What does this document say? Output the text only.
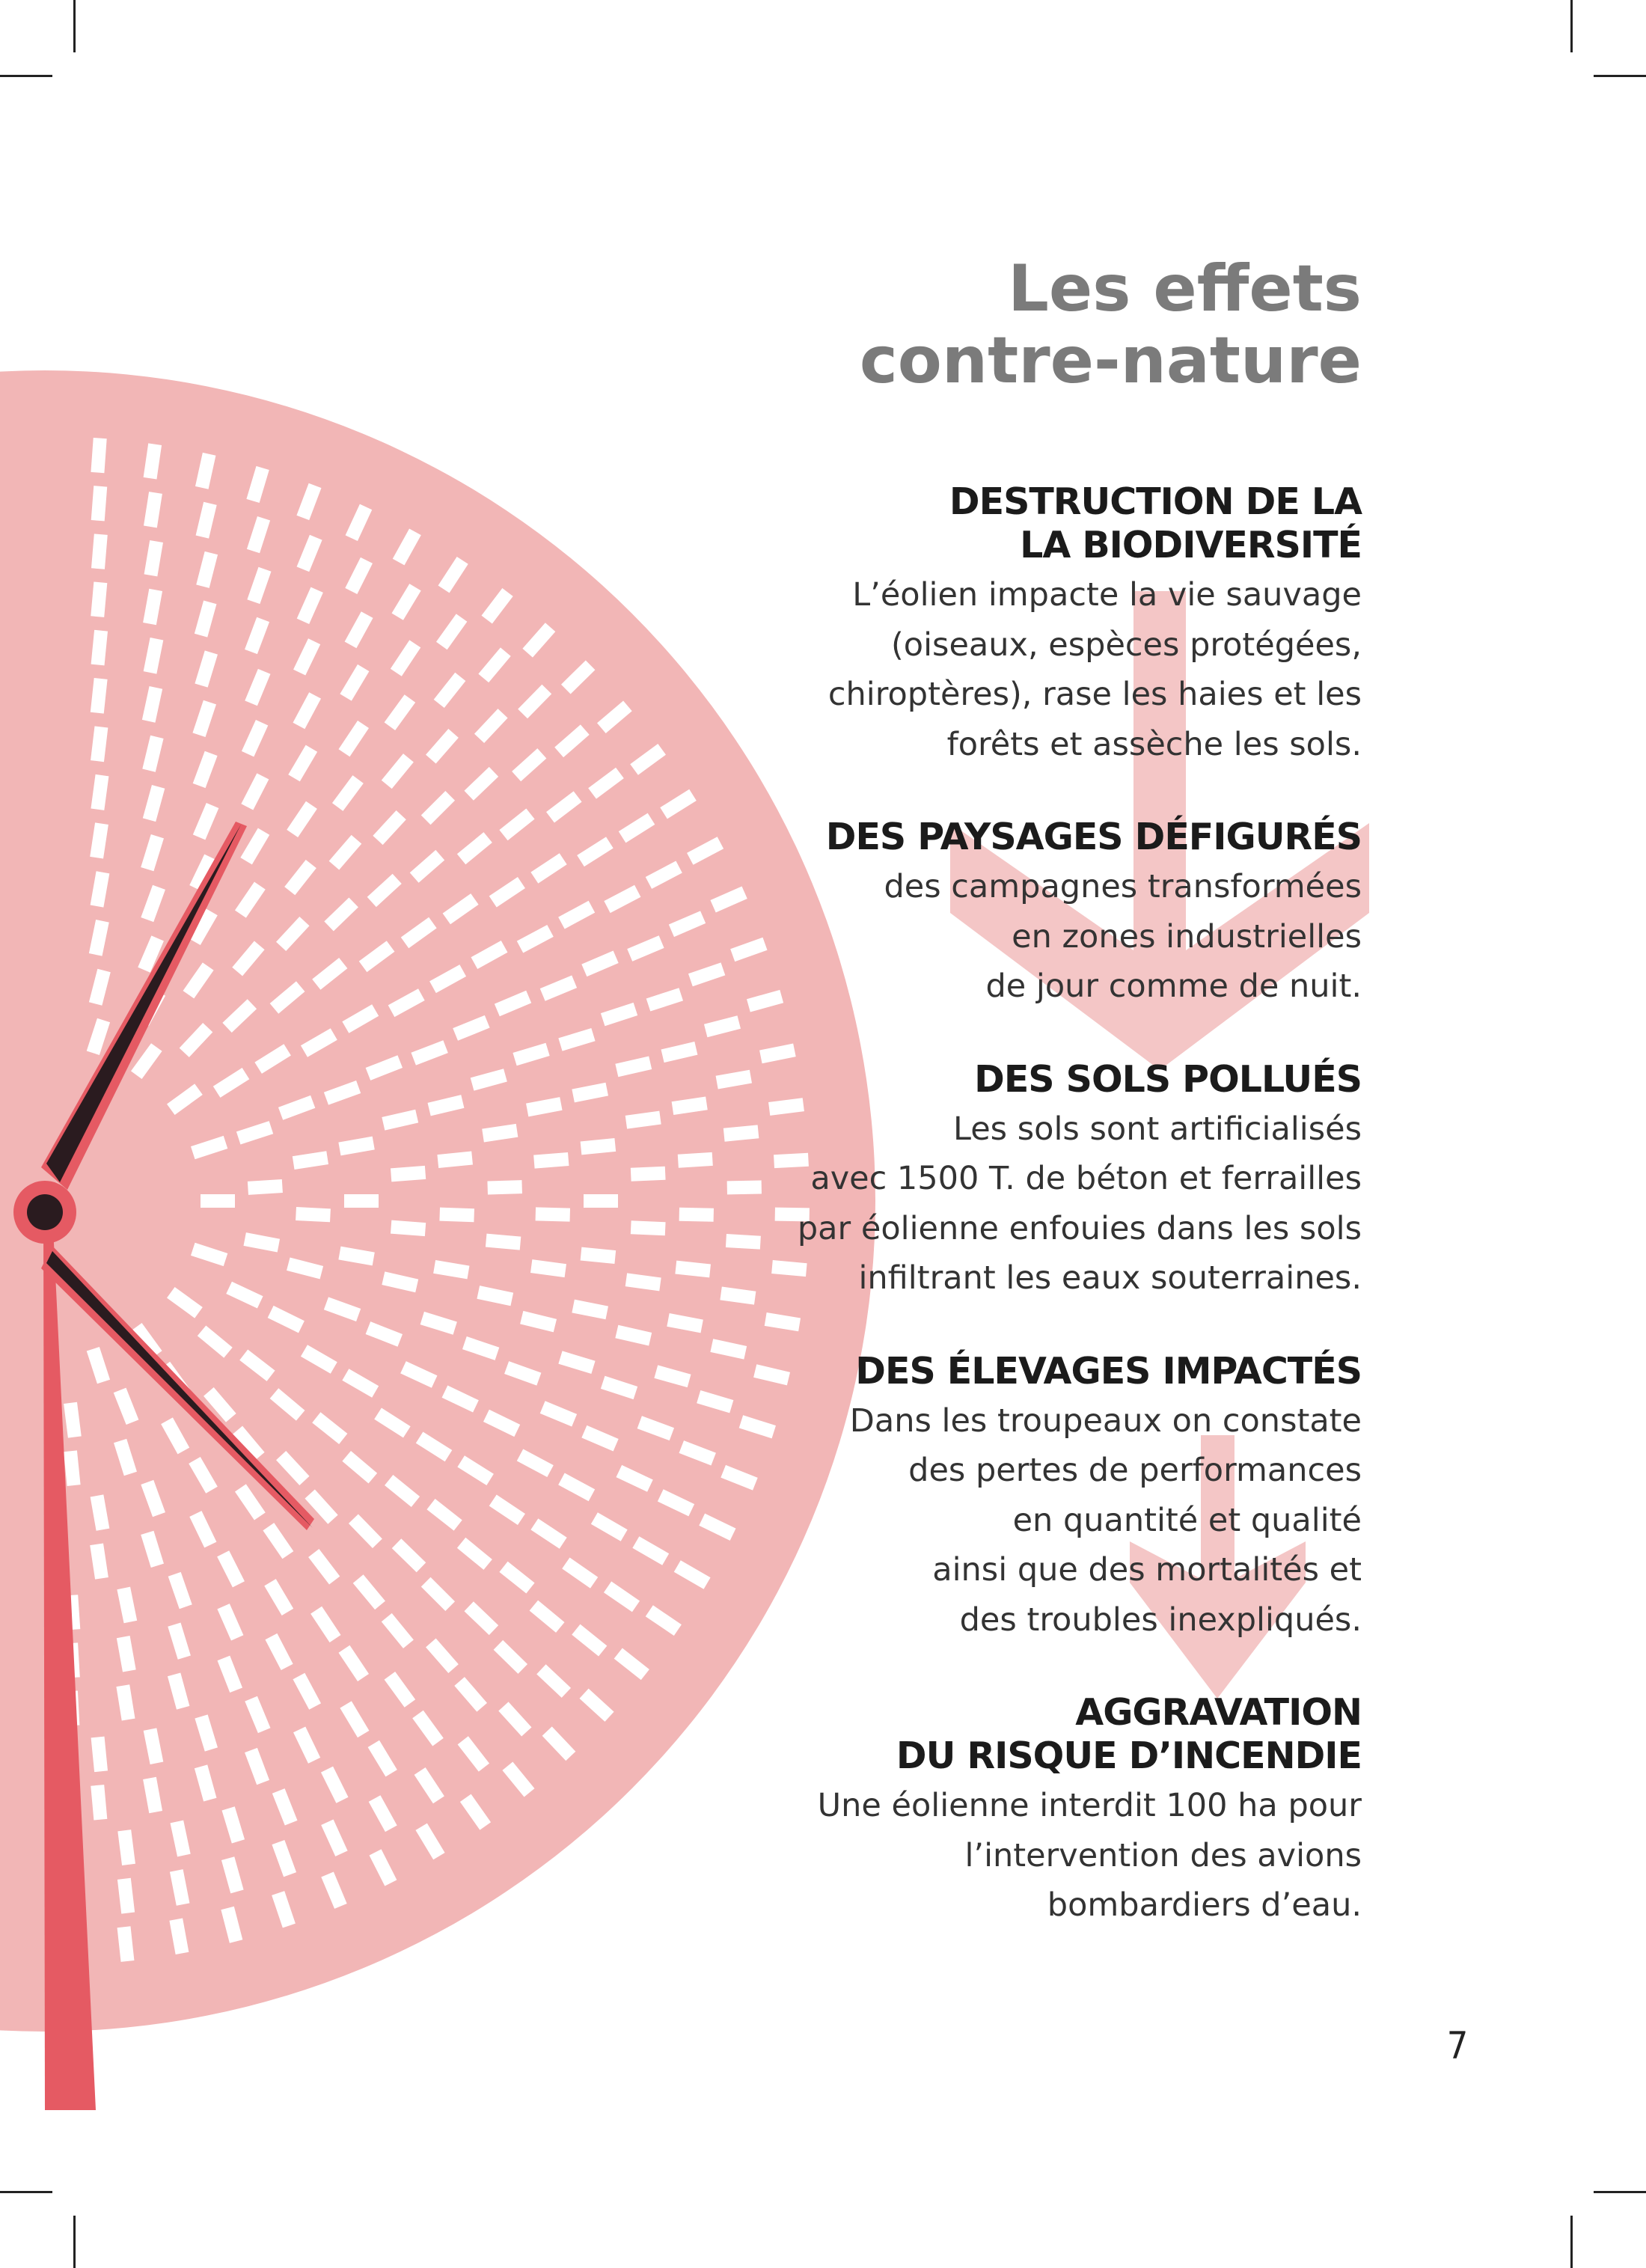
Les effets
contre-nature
DESTRUCTION DE LA
LA BIODIVERSITÉ
L’éolien impacte la vie sauvage
(oiseaux, espèces protégées,
chiroptères), rase les haies et les
forêts et assèche les sols.
DES PAYSAGES DÉFIGURÉS
des campagnes transformées
en zones industrielles
de jour comme de nuit.
DES SOLS POLLUÉS
Les sols sont artificialisés
avec 1500 T. de béton et ferrailles
par éolienne enfouies dans les sols
infiltrant les eaux souterraines.
DES ÉLEVAGES IMPACTÉS
Dans les troupeaux on constate
des pertes de performances
en quantité et qualité
ainsi que des mortalités et
des troubles inexpliqués.
AGGRAVATION
DU RISQUE D’INCENDIE
Une éolienne interdit 100 ha pour
l’intervention des avions
bombardiers d’eau.
7
